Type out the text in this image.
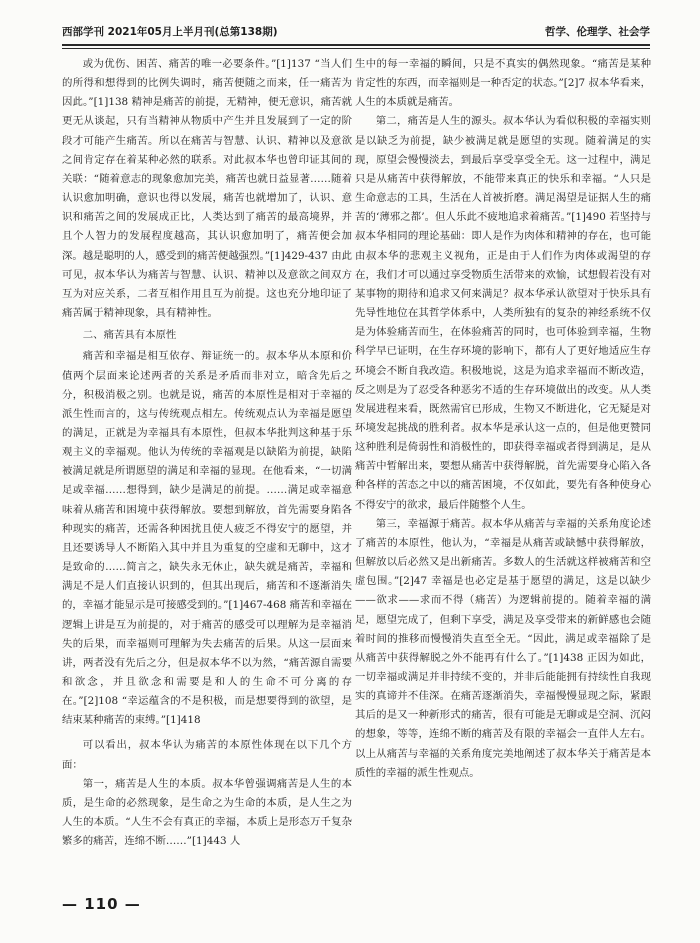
西部学刊 2021年05月上半月刊(总第138期)	哲学、伦理学、社会学

或为优伤、困苦、痛苦的唯一必要条件。”[1]137 “当人们的所得和想得到的比例失调时，痛苦便随之而来，任一痛苦为因此。”[1]138 精神是痛苦的前提，无精神，便无意识，痛苦就更无从谈起，只有当精神从物质中产生并且发展到了一定的阶段才可能产生痛苦。所以在痛苦与智慧、认识、精神以及意欲之间肯定存在着某种必然的联系。对此叔本华也曾印证其间的关联：“随着意志的现象愈加完美，痛苦也就日益显著……随着认识愈加明确，意识也得以发展，痛苦也就增加了，认识、意识和痛苦之间的发展成正比，人类达到了痛苦的最高境界，并且个人智力的发展程度越高，其认识愈加明了，痛苦便会加深。越是聪明的人，感受到的痛苦便越强烈。”[1]429-437 由此可见，叔本华认为痛苦与智慧、认识、精神以及意欲之间双方互为对应关系，二者互相作用且互为前提。这也充分地印证了痛苦属于精神现象，具有精神性。

二、痛苦具有本原性

痛苦和幸福是相互依存、辩证统一的。叔本华从本原和价值两个层面来论述两者的关系是矛盾而非对立，暗含先后之分，积极消极之别。也就是说，痛苦的本原性是相对于幸福的派生性而言的，这与传统观点相左。传统观点认为幸福是愿望的满足，正就是为幸福具有本原性，但叔本华批判这种基于乐观主义的幸福观。他认为传统的幸福观是以缺陷为前提，缺陷被满足就是所谓愿望的满足和幸福的显现。在他看来，“一切满足或幸福……想得到，缺少是满足的前提。……满足或幸福意味着从痛苦和困境中获得解放。要想到解放，首先需要身陷各种现实的痛苦，还需各种困扰且使人疲乏不得安宁的愿望，并且还要诱导人不断陷入其中并且为重复的空虚和无聊中，这才是致命的……简言之，缺失永无休止，缺失就是痛苦，幸福和满足不是人们直接认识到的，但其出现后，痛苦和不逐渐消失的，幸福才能显示是可接感受到的。”[1]467-468 痛苦和幸福在逻辑上讲是互为前提的，对于痛苦的感受可以理解为是幸福消失的后果，而幸福则可理解为失去痛苦的后果。从这一层面来讲，两者没有先后之分，但是叔本华不以为然，“痛苦源自需要和欲念，并且欲念和需要是和人的生命不可分离的存在。”[2]108 “幸运蕴含的不是积极，而是想要得到的欲望，是结束某种痛苦的束缚。”[1]418

可以看出，叔本华认为痛苦的本原性体现在以下几个方面：

第一，痛苦是人生的本质。叔本华曾强调痛苦是人生的本质，是生命的必然现象，是生命之为生命的本质，是人生之为人生的本质。“人生不会有真正的幸福，本质上是形态万千复杂繁多的痛苦，连绵不断……”[1]443 人

生中的每一幸福的瞬间，只是不真实的偶然现象。“痛苦是某种肯定性的东西，而幸福则是一种否定的状态。”[2]7 叔本华看来，人生的本质就是痛苦。

第二，痛苦是人生的源头。叔本华认为看似积极的幸福实则是以缺乏为前提，缺少被满足就是愿望的实现。随着满足的实现，原望会慢慢淡去，到最后享受享受全无。这一过程中，满足只是从痛苦中获得解放，不能带来真正的快乐和幸福。“人只是生命意志的工具，生活在人首被折磨。满足渴望是证据人生的痛苦的‘薄邪之都’。但人乐此不疲地追求着痛苦。”[1]490 若坚持与叔本华相同的理论基础：即人是作为肉体和精神的存在，也可能由叔本华的悲观主义视角，正是由于人们作为肉体或渴望的存在，我们才可以通过享受物质生活带来的欢愉，试想假若没有对某事物的期待和追求又何来满足？叔本华承认欲望对于快乐具有先导性地位在其哲学体系中，人类所独有的复杂的神经系统不仅是为体验痛苦而生，在体验痛苦的同时，也可体验到幸福，生物科学早已证明，在生存环境的影响下，都有人了更好地适应生存环境会不断自我改造。积极地说，这是为追求幸福而不断改造，反之则是为了忍受各种恶劣不适的生存环境做出的改变。从人类发展进程来看，既然需官已形成，生物又不断进化，它无疑是对环境发起挑战的胜利者。叔本华是承认这一点的，但是他更赞同这种胜利是倚弱性和消极性的，即获得幸福或者得到满足，是从痛苦中暂解出来，要想从痛苦中获得解脱，首先需要身心陷入各种各样的苦态之中以的痛苦困境，不仅如此，要先有各种使身心不得安宁的欲求，最后伴随整个人生。

第三，幸福源于痛苦。叔本华从痛苦与幸福的关系角度论述了痛苦的本原性，他认为，“幸福是从痛苦或缺憾中获得解放，但解放以后必然又是出新痛苦。多数人的生活就这样被痛苦和空虚包围。”[2]47 幸福是也必定是基于愿望的满足，这是以缺少——欲求——求而不得（痛苦）为逻辑前提的。随着幸福的满足，愿望完成了，但剩下享受，满足及享受带来的新鲜感也会随着时间的推移而慢慢消失直至全无。“因此，满足或幸福除了是从痛苦中获得解脱之外不能再有什么了。”[1]438 正因为如此，一切幸福或满足并非持续不变的，并非后能能拥有持续性自我现实的真谛并不佳深。在痛苦逐渐消失，幸福慢慢显现之际，紧跟其后的是又一种新形式的痛苦，很有可能是无聊或是空洞、沉闷的想象，等等，连绵不断的痛苦及有限的幸福会一直伴人左右。以上从痛苦与幸福的关系角度完美地阐述了叔本华关于痛苦是本质性的幸福的派生性观点。

— 110 —
